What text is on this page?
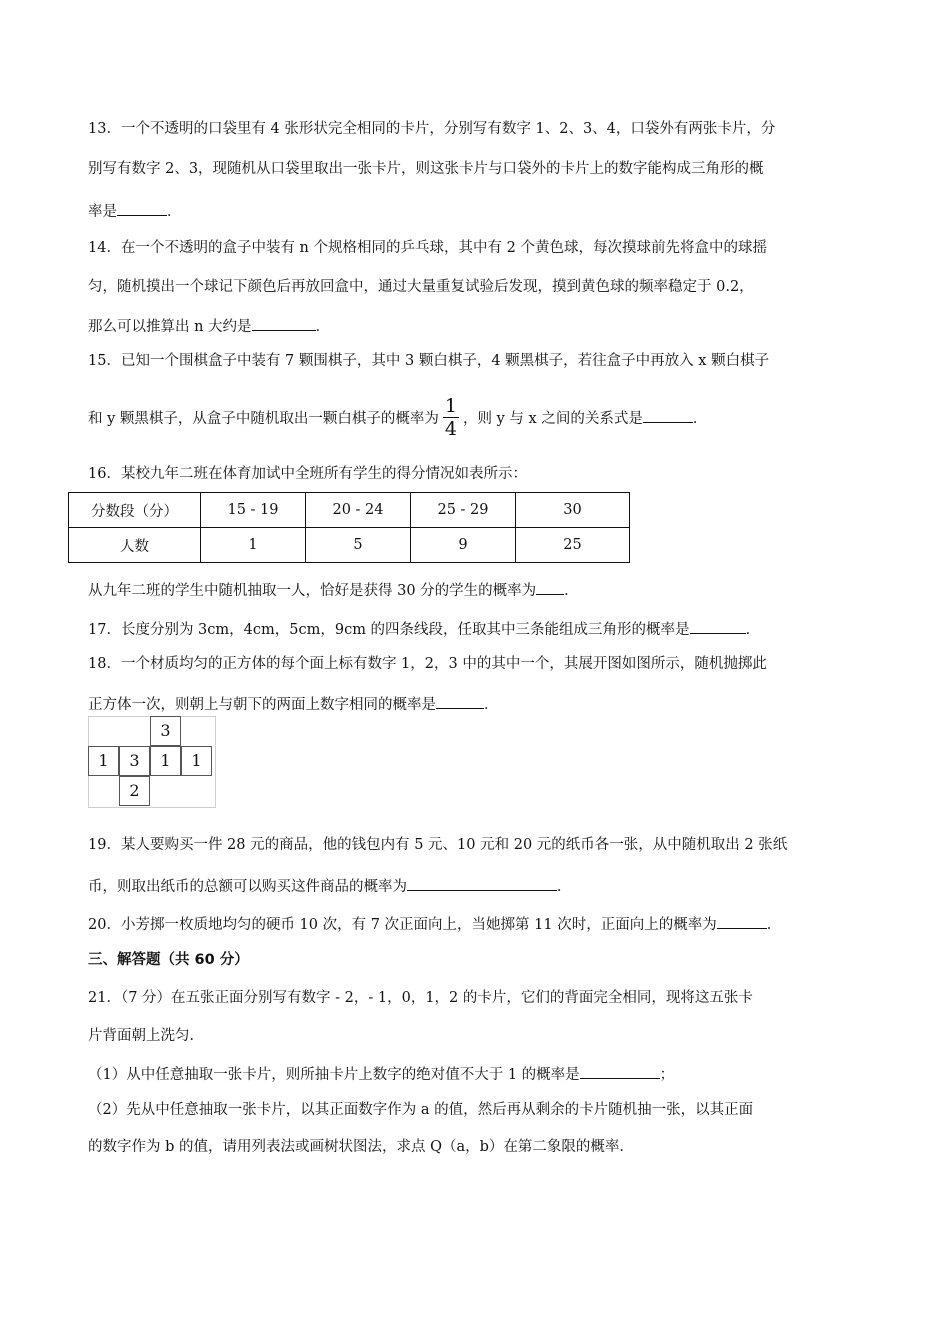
13．一个不透明的口袋里有 4 张形状完全相同的卡片，分别写有数字 1、2、3、4，口袋外有两张卡片，分
别写有数字 2、3，现随机从口袋里取出一张卡片，则这张卡片与口袋外的卡片上的数字能构成三角形的概
率是	．
14．在一个不透明的盒子中装有 n 个规格相同的乒乓球，其中有 2 个黄色球，每次摸球前先将盒中的球摇
匀，随机摸出一个球记下颜色后再放回盒中，通过大量重复试验后发现，摸到黄色球的频率稳定于 0.2，
那么可以推算出 n 大约是	．
15．已知一个围棋盒子中装有 7 颗围棋子，其中 3 颗白棋子，4 颗黑棋子，若往盒子中再放入 x 颗白棋子
和 y 颗黑棋子，从盒子中随机取出一颗白棋子的概率为 $\frac{1}{4}$ ，则 y 与 x 之间的关系式是	．
16．某校九年二班在体育加试中全班所有学生的得分情况如表所示：
分数段（分）	15 - 19	20 - 24	25 - 29	30
人数	1	5	9	25
从九年二班的学生中随机抽取一人，恰好是获得 30 分的学生的概率为 ．
17．长度分别为 3cm，4cm，5cm，9cm 的四条线段，任取其中三条能组成三角形的概率是	．
18．一个材质均匀的正方体的每个面上标有数字 1，2，3 中的其中一个，其展开图如图所示，随机抛掷此
正方体一次，则朝上与朝下的两面上数字相同的概率是	．
3
1	3	1	1
2
19．某人要购买一件 28 元的商品，他的钱包内有 5 元、10 元和 20 元的纸币各一张，从中随机取出 2 张纸
币，则取出纸币的总额可以购买这件商品的概率为	．
20．小芳掷一枚质地均匀的硬币 10 次，有 7 次正面向上，当她掷第 11 次时，正面向上的概率为	．
三、解答题（共 60 分）
21．（7 分）在五张正面分别写有数字 - 2，- 1，0，1，2 的卡片，它们的背面完全相同，现将这五张卡
片背面朝上洗匀．
（1）从中任意抽取一张卡片，则所抽卡片上数字的绝对值不大于 1 的概率是	；
（2）先从中任意抽取一张卡片，以其正面数字作为 a 的值，然后再从剩余的卡片随机抽一张，以其正面
的数字作为 b 的值，请用列表法或画树状图法，求点 Q（a，b）在第二象限的概率．
